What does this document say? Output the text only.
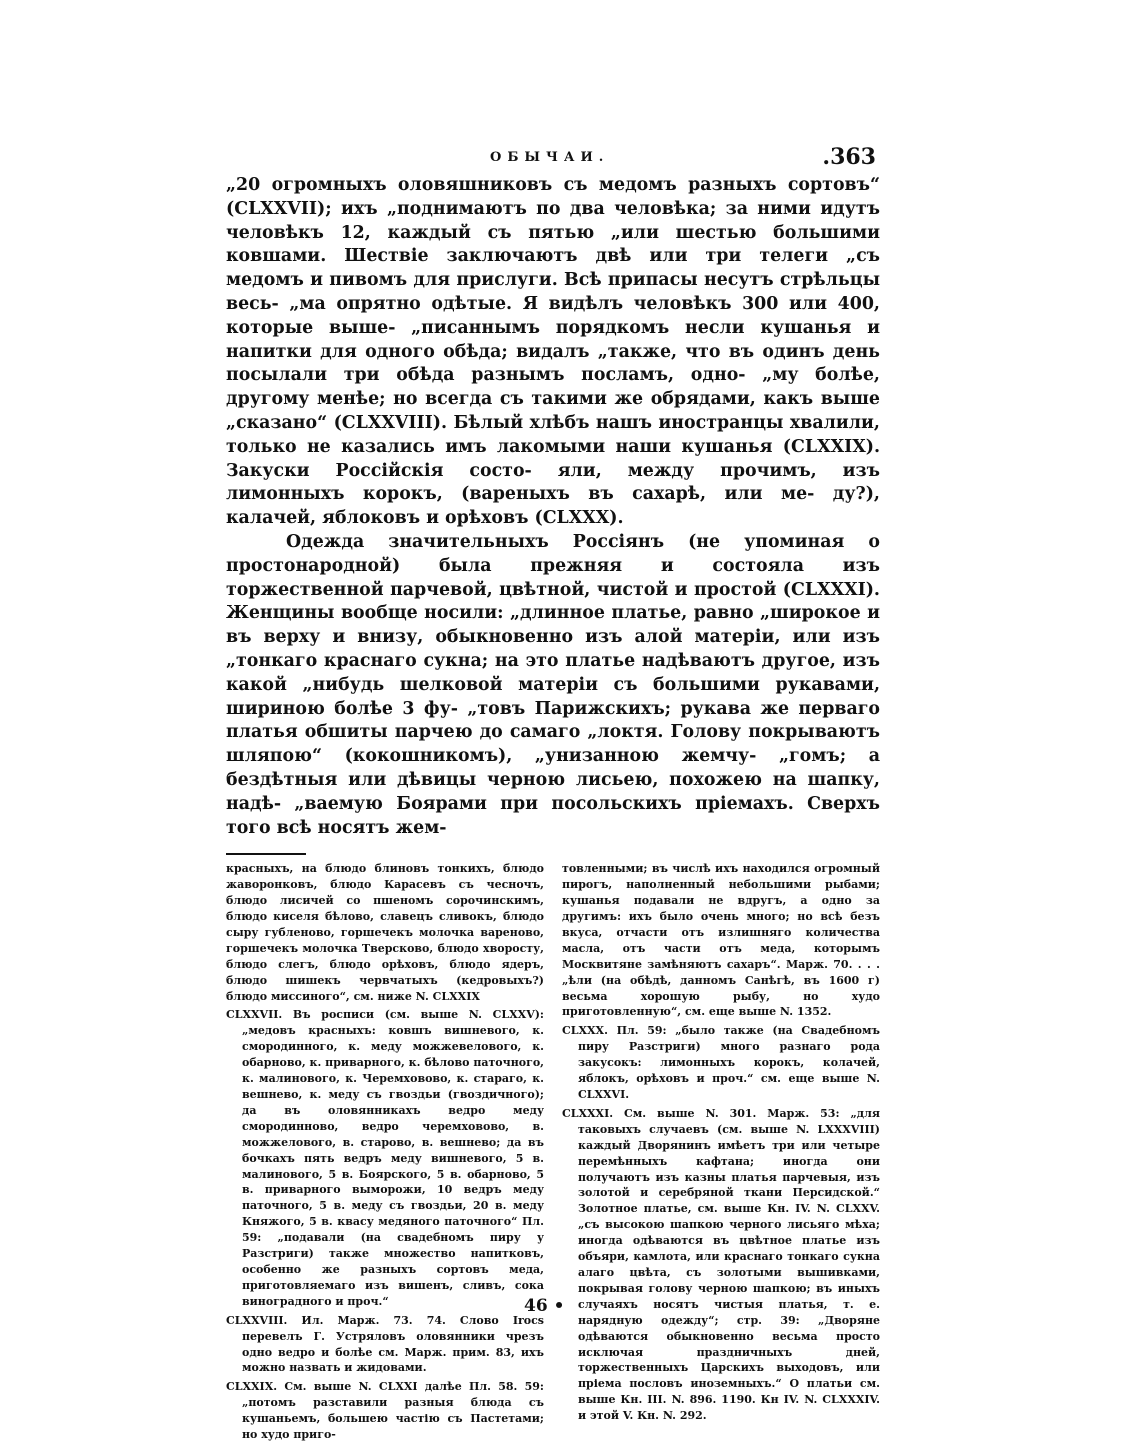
ОБЫЧАИ.	.363

„20 огромныхъ оловяшниковъ съ медомъ разныхъ сортовъ“ (CLXXVII); ихъ „поднимаютъ по два человѣка; за ними идутъ человѣкъ 12, каждый съ пятью „или шестью большими ковшами. Шествіе заключаютъ двѣ или три телеги „съ медомъ и пивомъ для прислуги. Всѣ припасы несутъ стрѣльцы весь- „ма опрятно одѣтые. Я видѣлъ человѣкъ 300 или 400, которые выше- „писаннымъ порядкомъ несли кушанья и напитки для одного обѣда; видалъ „также, что въ одинъ день посылали три обѣда разнымъ посламъ, одно- „му болѣе, другому менѣе; но всегда съ такими же обрядами, какъ выше „сказано“ (CLXXVIII). Бѣлый хлѣбъ нашъ иностранцы хвалили, только не казались имъ лакомыми наши кушанья (CLXXIX). Закуски Россійскія состо- яли, между прочимъ, изъ лимонныхъ корокъ, (вареныхъ въ сахарѣ, или ме- ду?), калачей, яблоковъ и орѣховъ (CLXXX).

Одежда значительныхъ Россіянъ (не упоминая о простонародной) была прежняя и состояла изъ торжественной парчевой, цвѣтной, чистой и простой (CLXXXI). Женщины вообще носили: „длинное платье, равно „широкое и въ верху и внизу, обыкновенно изъ алой матеріи, или изъ „тонкаго краснаго сукна; на это платье надѣваютъ другое, изъ какой „нибудь шелковой матеріи съ большими рукавами, шириною болѣе 3 фу- „товъ Парижскихъ; рукава же перваго платья обшиты парчею до самаго „локтя. Голову покрываютъ шляпою“ (кокошникомъ), „унизанною жемчу- „гомъ; а бездѣтныя или дѣвицы черною лисьею, похожею на шапку, надѣ- „ваемую Боярами при посольскихъ пріемахъ. Сверхъ того всѣ носятъ жем-

красныхъ, на блюдо блиновъ тонкихъ, блюдо жаворонковъ, блюдо Карасевъ съ чесночъ, блюдо лисичей со пшеномъ сорочинскимъ, блюдо киселя бѣлово, славецъ сливокъ, блюдо сыру губленово, горшечекъ молочка вареново, горшечекъ молочка Тверсково, блюдо хворосту, блюдо слегъ, блюдо орѣховъ, блюдо ядеръ, блюдо шишекъ червчатыхъ (кедровыхъ?) блюдо миссиного“, см. ниже N. CLXXIX

CLXXVII. Въ росписи (см. выше N. CLXXV): „медовъ красныхъ: ковшъ вишневого, к. смородинного, к. меду можжевелового, к. обарново, к. приварного, к. бѣлово паточного, к. малинового, к. Черемховово, к. стараго, к. вешнево, к. меду съ гвоздьи (гвоздичного); да въ оловянникахъ ведро меду смородинново, ведро черемховово, в. можжелового, в. старово, в. вешнево; да въ бочкахъ пять ведръ меду вишневого, 5 в. малинового, 5 в. Боярского, 5 в. обарново, 5 в. приварного выморожи, 10 ведръ меду паточного, 5 в. меду съ гвоздьи, 20 в. меду Княжого, 5 в. квасу медяного паточного“ Пл. 59: „подавали (на свадебномъ пиру у Разстриги) также множество напитковъ, особенно же разныхъ сортовъ меда, приготовляемаго изъ вишенъ, сливъ, сока виноградного и проч.“

CLXXVIII. Ил. Марж. 73. 74. Слово Irocs перевелъ Г. Устряловъ оловянники чрезъ одно ведро и болѣе см. Марж. прим. 83, ихъ можно назвать и жидовами.

CLXXIX. См. выше N. CLXXI далѣе Пл. 58. 59: „потомъ разставили разныя блюда съ кушаньемъ, большею частію съ Пастетами; но худо приго-

товленными; въ числѣ ихъ находился огромный пирогъ, наполненный небольшими рыбами; кушанья подавали не вдругъ, а одно за другимъ: ихъ было очень много; но всѣ безъ вкуса, отчасти отъ излишняго количества масла, отъ части отъ меда, которымъ Москвитяне замѣняютъ сахаръ“. Марж. 70. . . . „ѣли (на обѣдѣ, данномъ Санѣгѣ, въ 1600 г) весьма хорошую рыбу, но худо приготовленную“, см. еще выше N. 1352.

CLXXX. Пл. 59: „было также (на Свадебномъ пиру Разстриги) много разнаго рода закусокъ: лимонныхъ корокъ, колачей, яблокъ, орѣховъ и проч.“ см. еще выше N. CLXXVI.

CLXXXI. См. выше N. 301. Марж. 53: „для таковыхъ случаевъ (см. выше N. LXXXVIII) каждый Дворянинъ имѣетъ три или четыре перемѣнныхъ кафтана; иногда они получаютъ изъ казны платья парчевыя, изъ золотой и серебряной ткани Персидской.“ Золотное платье, см. выше Кн. IV. N. CLXXV. „съ высокою шапкою черного лисьяго мѣха; иногда одѣваются въ цвѣтное платье изъ объяри, камлота, или краснаго тонкаго сукна алаго цвѣта, съ золотыми вышивками, покрывая голову черною шапкою; въ иныхъ случаяхъ носятъ чистыя платья, т. е. нарядную одежду“; стр. 39: „Дворяне одѣваются обыкновенно весьма просто исключая праздничныхъ дней, торжественныхъ Царскихъ выходовъ, или пріема пословъ иноземныхъ.“ О платьи см. выше Кн. III. N. 896. 1190. Кн IV. N. CLXXXIV. и этой V. Кн. N. 292.

46 •
